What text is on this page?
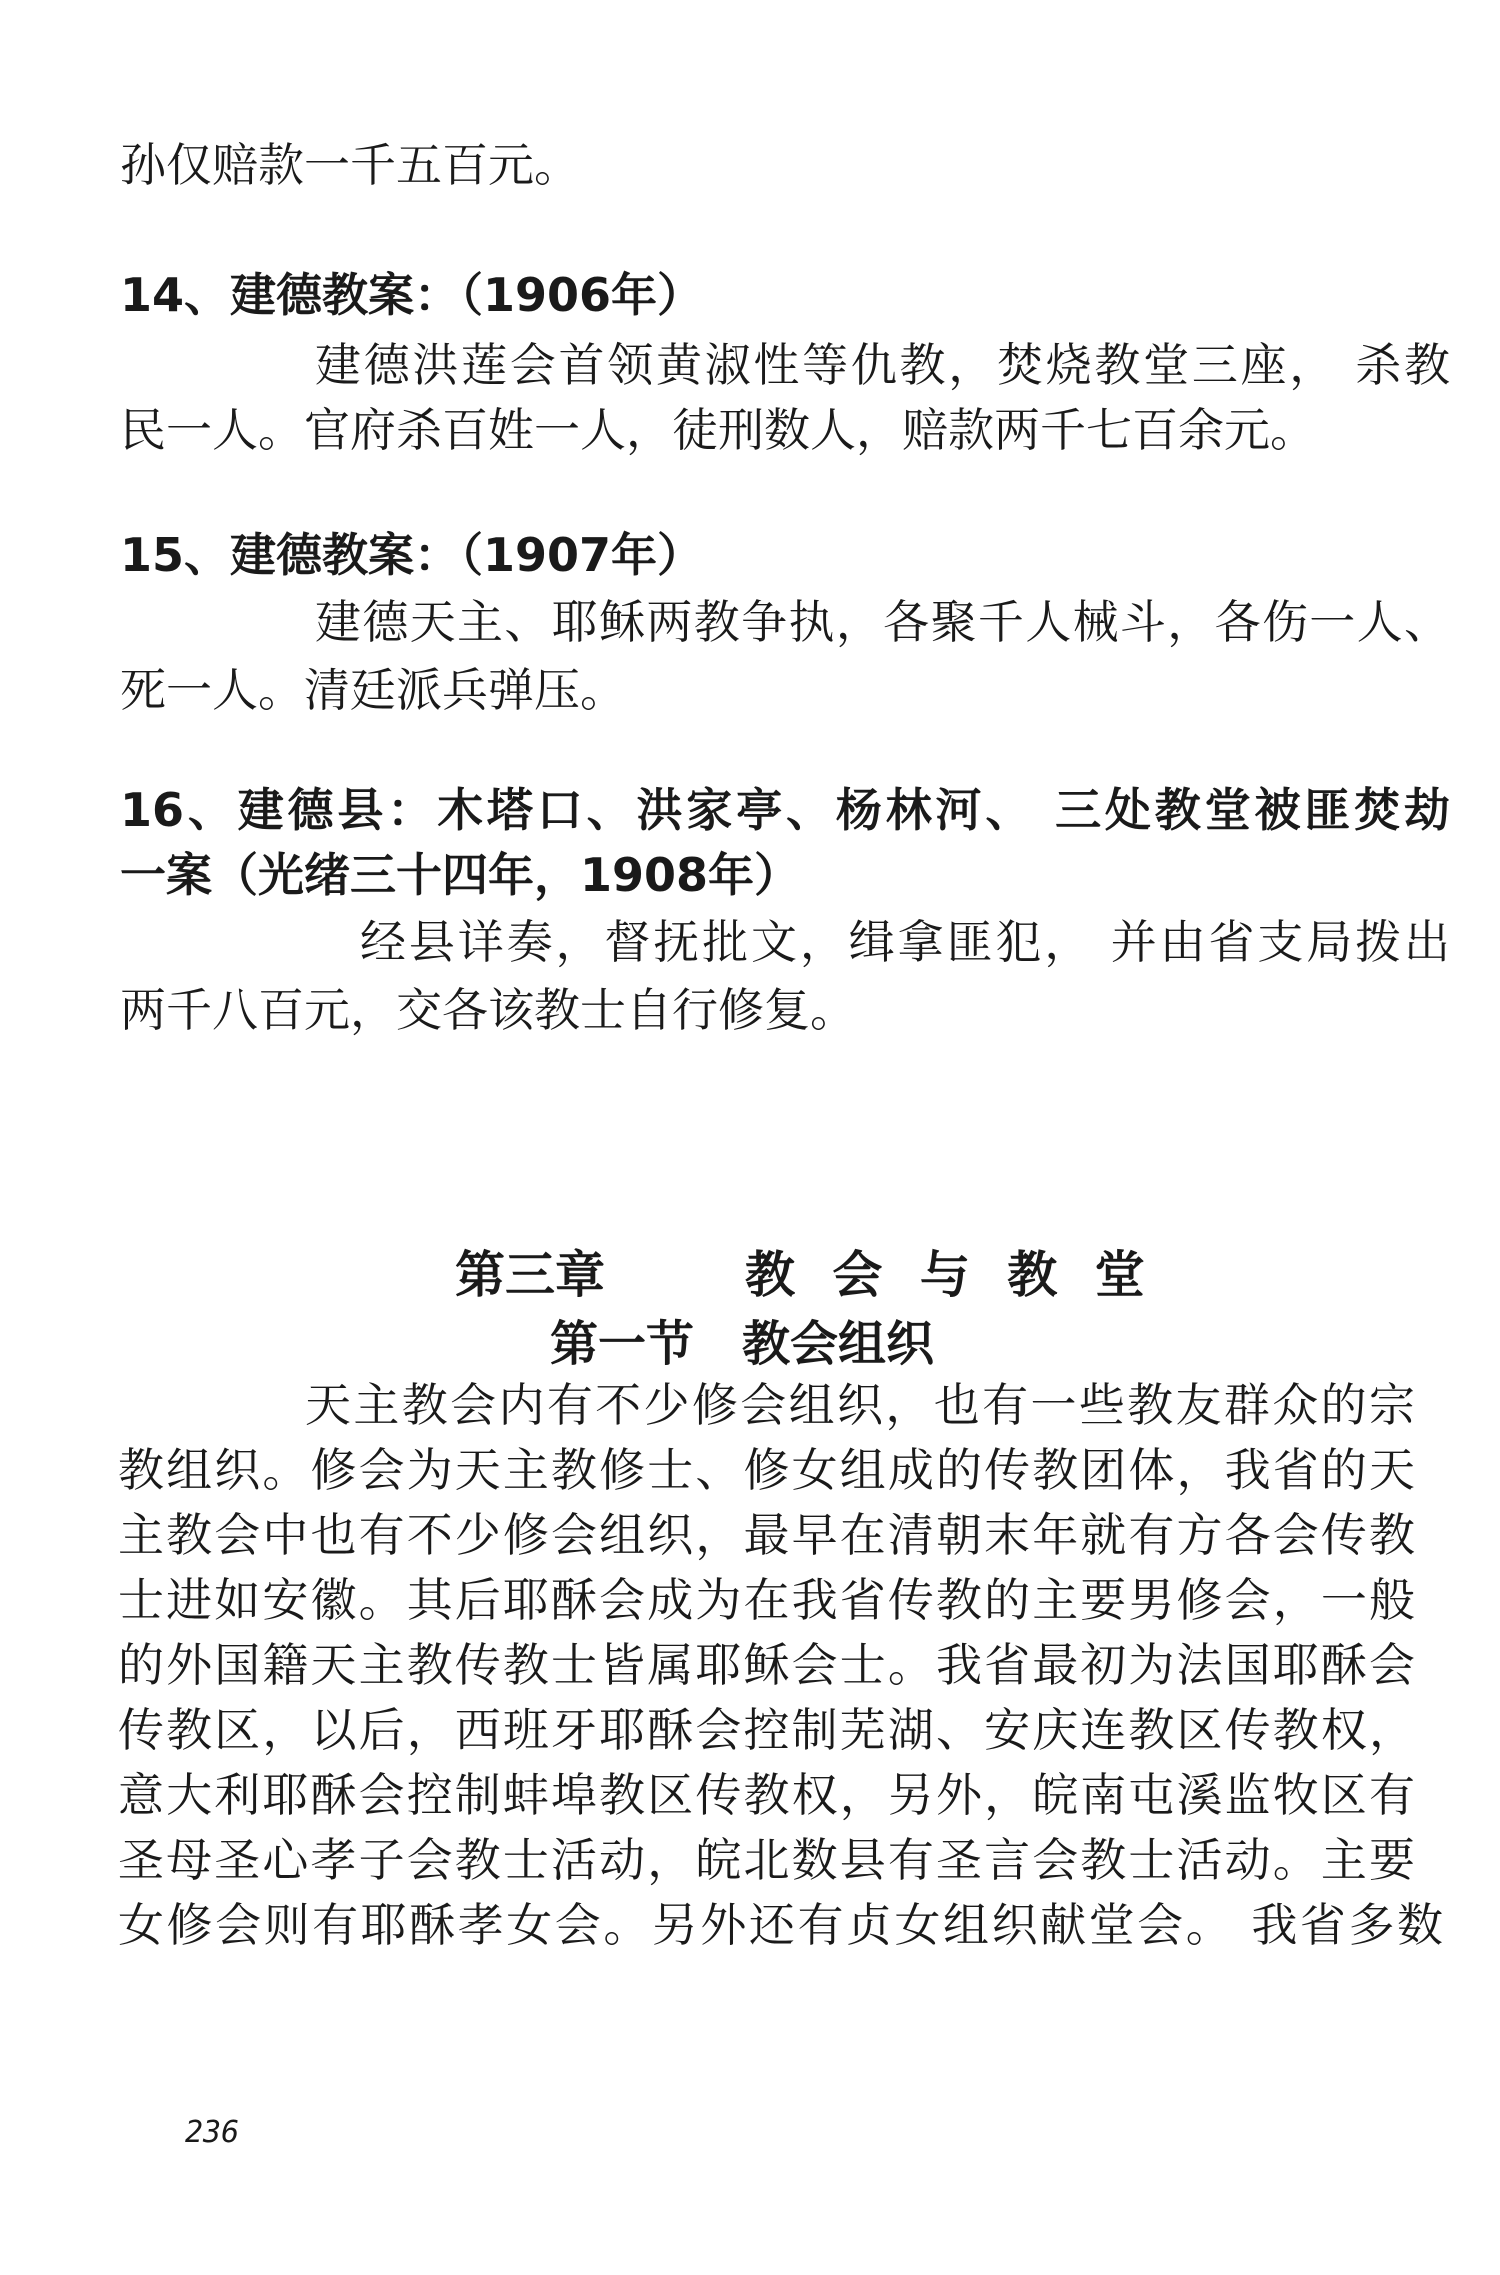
孙仅赔款一千五百元。
14、建德教案：（1906年）
建德洪莲会首领黄淑性等仇教，焚烧教堂三座， 杀教
民一人。官府杀百姓一人，徒刑数人，赔款两千七百余元。
15、建德教案：（1907年）
建德天主、耶稣两教争执，各聚千人械斗，各伤一人、
死一人。清廷派兵弹压。
16、建德县：木塔口、洪家亭、杨林河、 三处教堂被匪焚劫
一案（光绪三十四年，1908年）
经县详奏，督抚批文，缉拿匪犯， 并由省支局拨出
两千八百元，交各该教士自行修复。
第三章	教 会 与 教 堂
第一节　教会组织
天主教会内有不少修会组织，也有一些教友群众的宗
教组织。修会为天主教修士、修女组成的传教团体，我省的天
主教会中也有不少修会组织，最早在清朝末年就有方各会传教
士进如安徽。其后耶酥会成为在我省传教的主要男修会，一般
的外国籍天主教传教士皆属耶稣会士。我省最初为法国耶酥会
传教区，以后，西班牙耶酥会控制芜湖、安庆连教区传教权，
意大利耶酥会控制蚌埠教区传教权，另外，皖南屯溪监牧区有
圣母圣心孝子会教士活动，皖北数县有圣言会教士活动。主要
女修会则有耶酥孝女会。另外还有贞女组织献堂会。 我省多数
236
